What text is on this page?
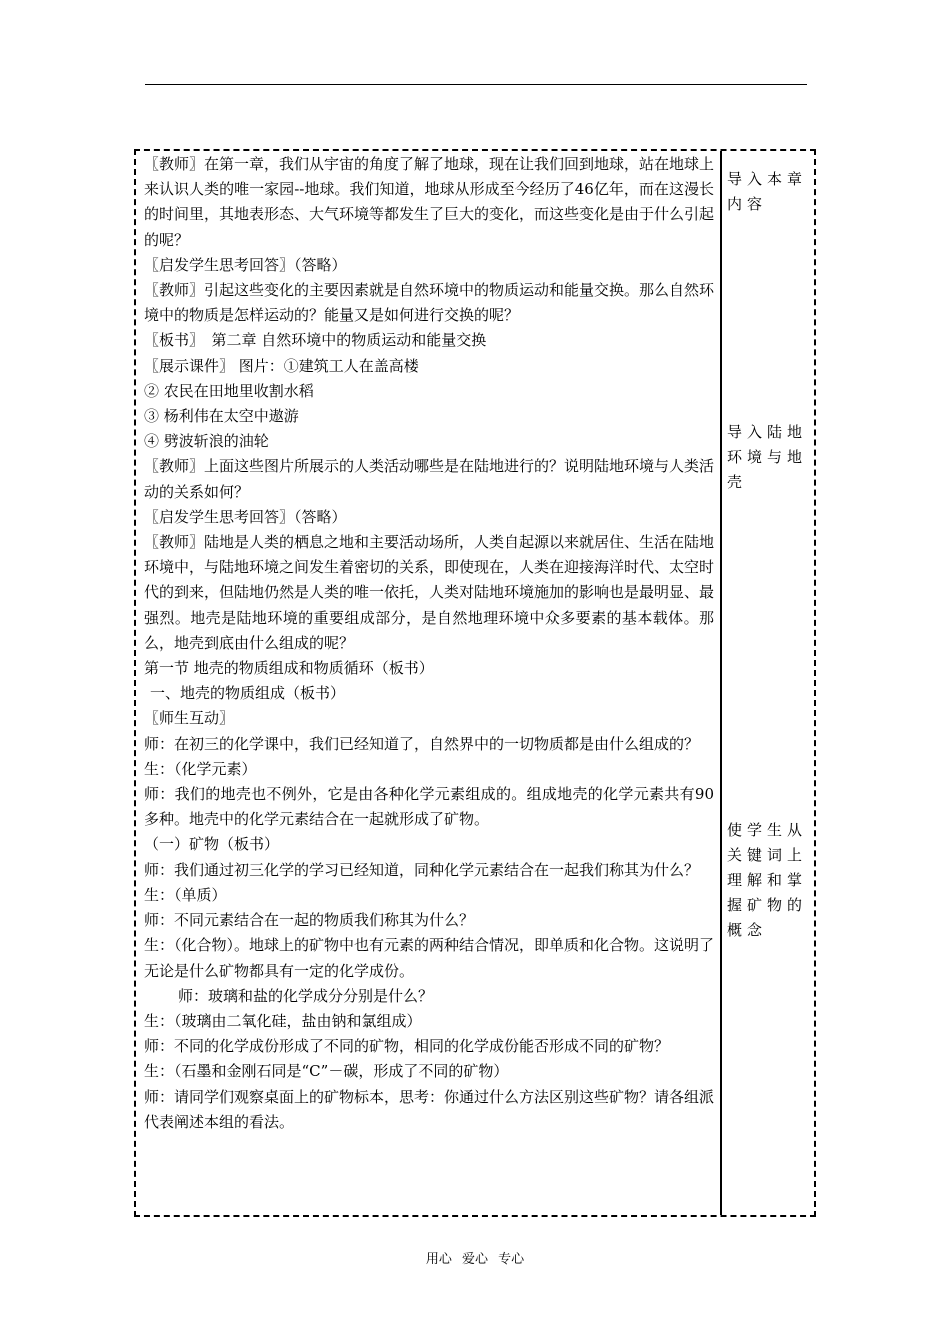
〖教师〗在第一章，我们从宇宙的角度了解了地球，现在让我们回到地球，站在地球上来认识人类的唯一家园--地球。我们知道，地球从形成至今经历了46亿年，而在这漫长的时间里，其地表形态、大气环境等都发生了巨大的变化，而这些变化是由于什么引起的呢？

〖启发学生思考回答〗（答略）

〖教师〗引起这些变化的主要因素就是自然环境中的物质运动和能量交换。那么自然环境中的物质是怎样运动的？能量又是如何进行交换的呢？

〖板书〗　第二章 自然环境中的物质运动和能量交换

〖展示课件〗 图片：①建筑工人在盖高楼

② 农民在田地里收割水稻

③ 杨利伟在太空中遨游

④ 劈波斩浪的油轮

〖教师〗上面这些图片所展示的人类活动哪些是在陆地进行的？说明陆地环境与人类活动的关系如何？

〖启发学生思考回答〗（答略）

〖教师〗陆地是人类的栖息之地和主要活动场所，人类自起源以来就居住、生活在陆地环境中，与陆地环境之间发生着密切的关系，即使现在，人类在迎接海洋时代、太空时代的到来，但陆地仍然是人类的唯一依托，人类对陆地环境施加的影响也是最明显、最强烈。地壳是陆地环境的重要组成部分，是自然地理环境中众多要素的基本载体。那么，地壳到底由什么组成的呢？

第一节 地壳的物质组成和物质循环（板书）

一、地壳的物质组成（板书）

〖师生互动〗

师：在初三的化学课中，我们已经知道了，自然界中的一切物质都是由什么组成的？

生：（化学元素）

师：我们的地壳也不例外，它是由各种化学元素组成的。组成地壳的化学元素共有90多种。地壳中的化学元素结合在一起就形成了矿物。

（一）矿物（板书）

师：我们通过初三化学的学习已经知道，同种化学元素结合在一起我们称其为什么？

生：（单质）

师：不同元素结合在一起的物质我们称其为什么？

生：（化合物）。地球上的矿物中也有元素的两种结合情况，即单质和化合物。这说明了无论是什么矿物都具有一定的化学成份。

师：玻璃和盐的化学成分分别是什么？

生：（玻璃由二氧化硅，盐由钠和氯组成）

师：不同的化学成份形成了不同的矿物，相同的化学成份能否形成不同的矿物？

生：（石墨和金刚石同是“C”－碳，形成了不同的矿物）

师：请同学们观察桌面上的矿物标本，思考：你通过什么方法区别这些矿物？请各组派代表阐述本组的看法。

导入本章内容
导入陆地环境与地壳
使学生从关键词上理解和掌握矿物的概念
用心 爱心 专心
